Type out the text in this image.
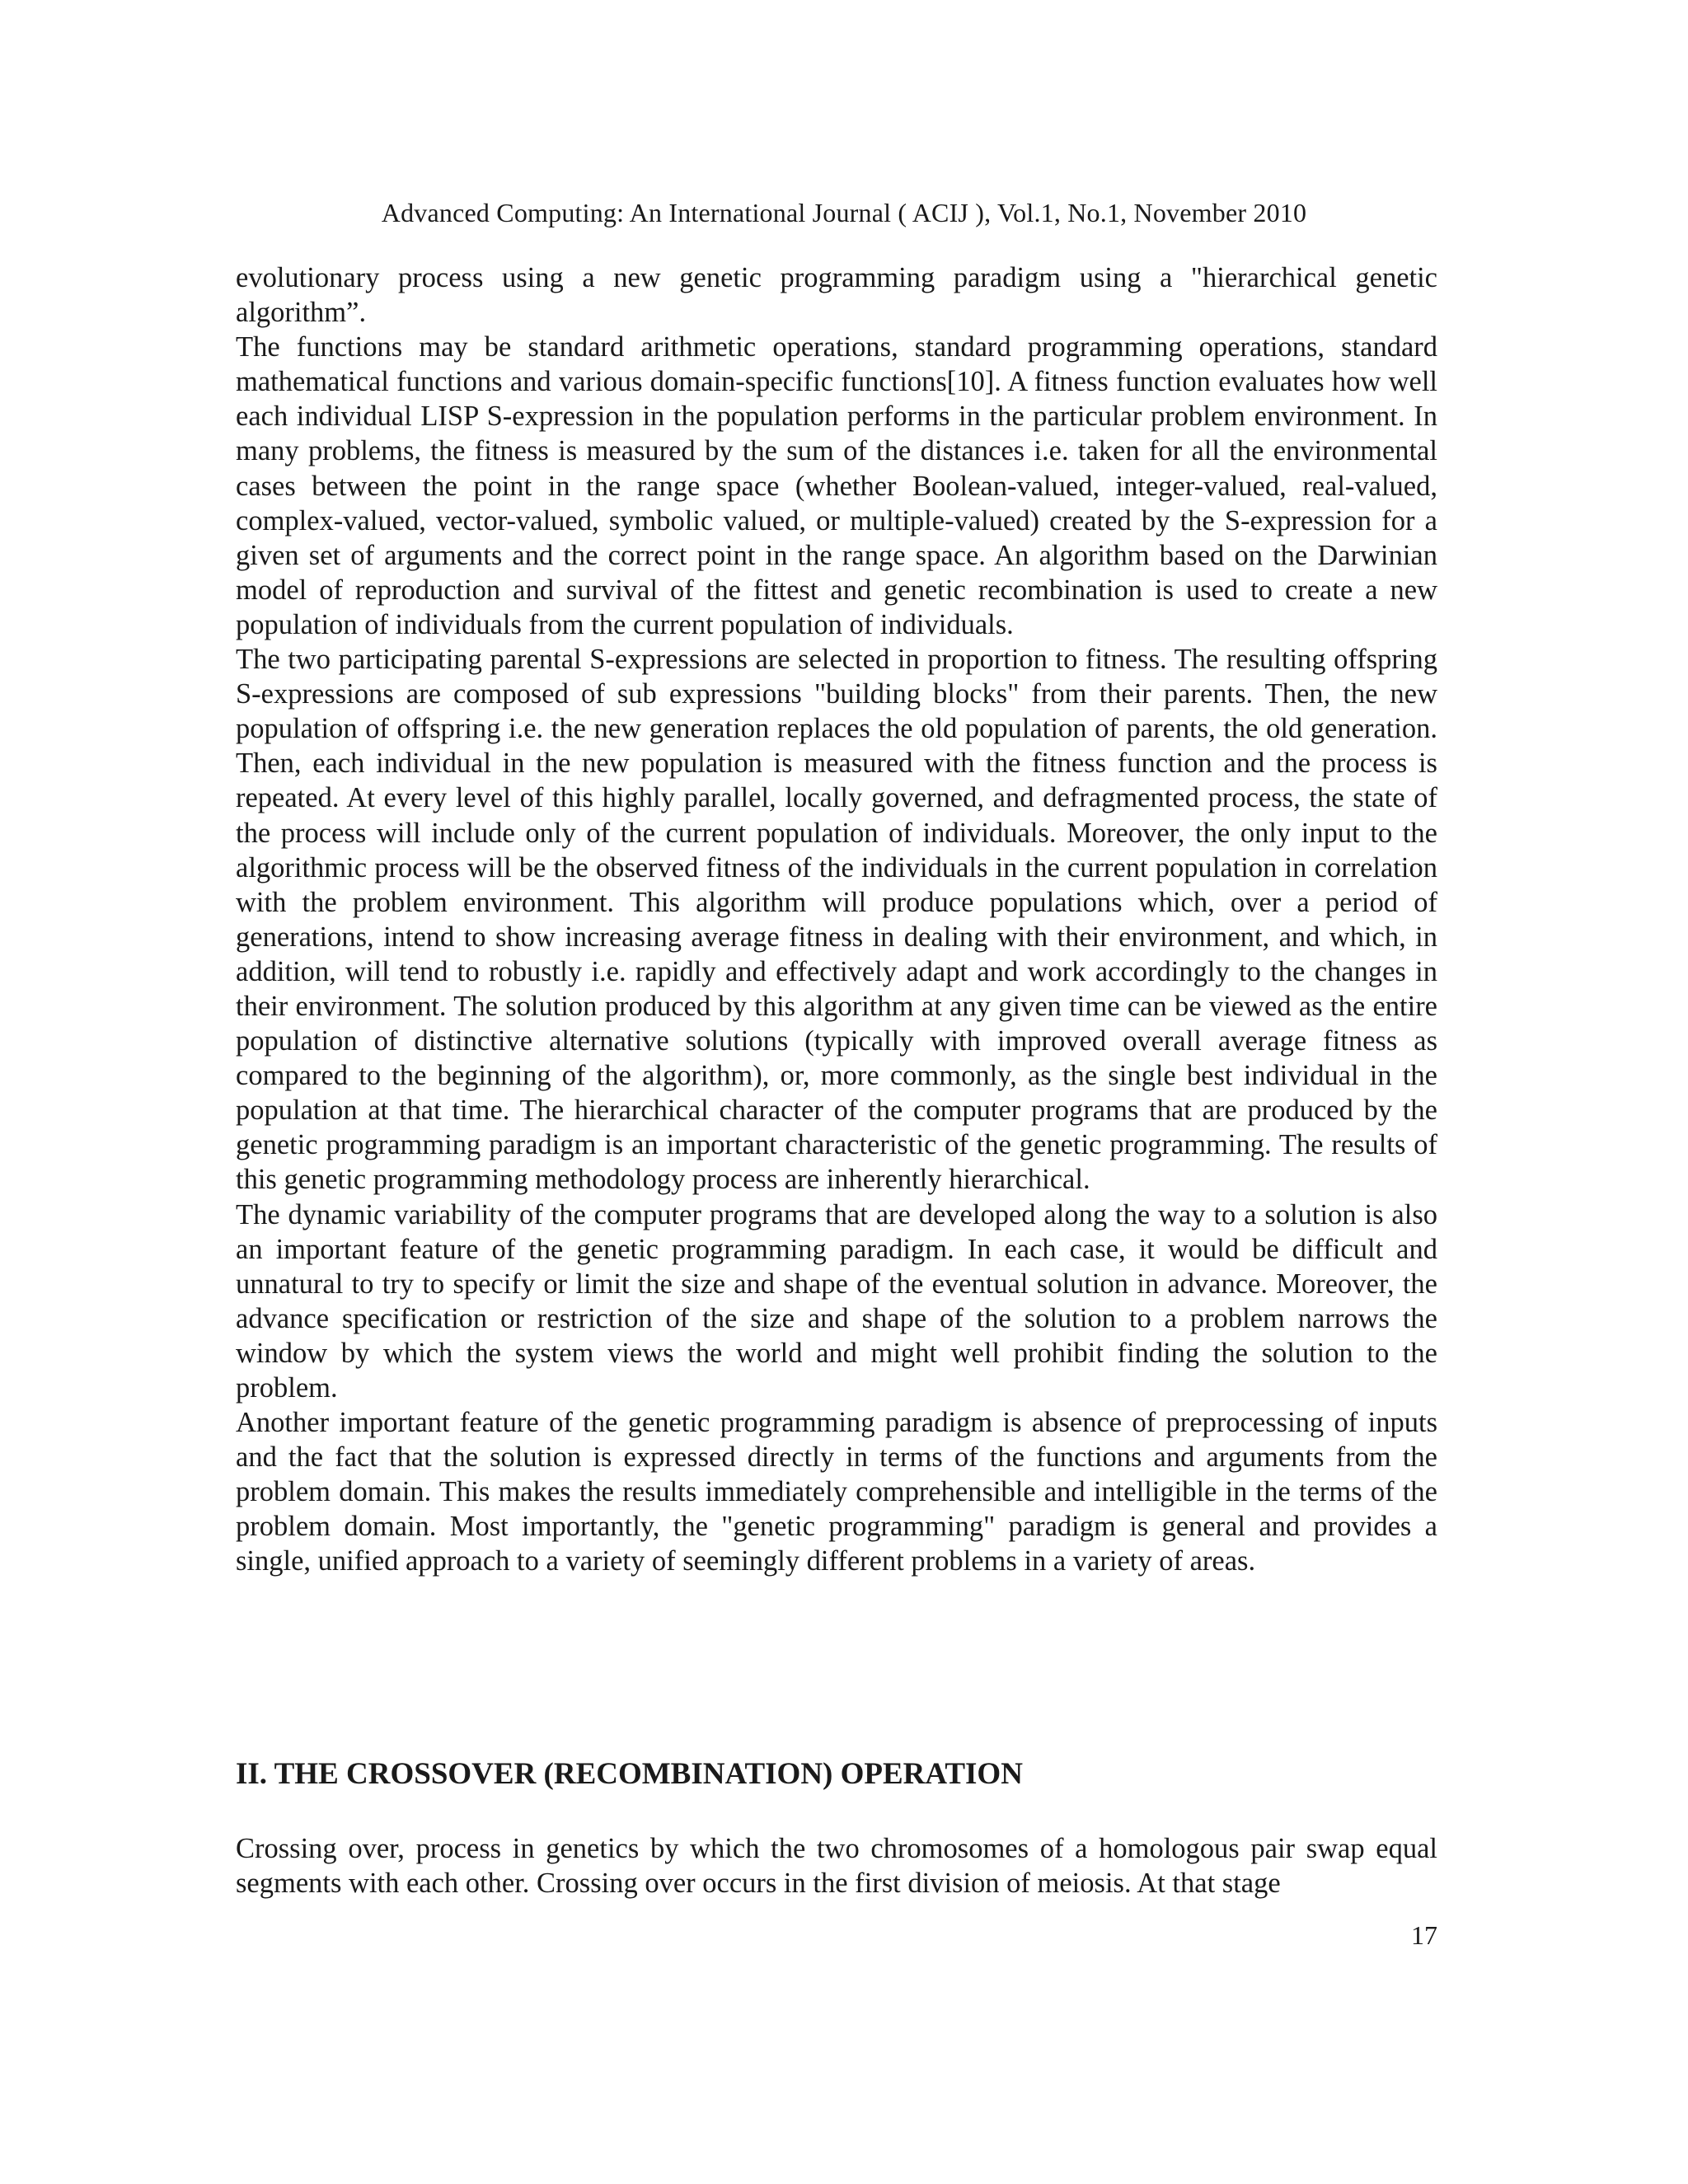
Advanced Computing: An International Journal ( ACIJ ), Vol.1, No.1, November 2010

evolutionary process using a new genetic programming paradigm using a "hierarchical genetic algorithm”.

The functions may be standard arithmetic operations, standard programming operations, standard mathematical functions and various domain-specific functions[10]. A fitness function evaluates how well each individual LISP S-expression in the population performs in the particular problem environment. In many problems, the fitness is measured by the sum of the distances i.e. taken for all the environmental cases between the point in the range space (whether Boolean-valued, integer-valued, real-valued, complex-valued, vector-valued, symbolic valued, or multiple-valued) created by the S-expression for a given set of arguments and the correct point in the range space. An algorithm based on the Darwinian model of reproduction and survival of the fittest and genetic recombination is used to create a new population of individuals from the current population of individuals.

The two participating parental S-expressions are selected in proportion to fitness. The resulting offspring S-expressions are composed of sub expressions "building blocks" from their parents. Then, the new population of offspring i.e. the new generation replaces the old population of parents, the old generation. Then, each individual in the new population is measured with the fitness function and the process is repeated. At every level of this highly parallel, locally governed, and defragmented process, the state of the process will include only of the current population of individuals. Moreover, the only input to the algorithmic process will be the observed fitness of the individuals in the current population in correlation with the problem environment. This algorithm will produce populations which, over a period of generations, intend to show increasing average fitness in dealing with their environment, and which, in addition, will tend to robustly i.e. rapidly and effectively adapt and work accordingly to the changes in their environment. The solution produced by this algorithm at any given time can be viewed as the entire population of distinctive alternative solutions (typically with improved overall average fitness as compared to the beginning of the algorithm), or, more commonly, as the single best individual in the population at that time. The hierarchical character of the computer programs that are produced by the genetic programming paradigm is an important characteristic of the genetic programming. The results of this genetic programming methodology process are inherently hierarchical.

The dynamic variability of the computer programs that are developed along the way to a solution is also an important feature of the genetic programming paradigm. In each case, it would be difficult and unnatural to try to specify or limit the size and shape of the eventual solution in advance. Moreover, the advance specification or restriction of the size and shape of the solution to a problem narrows the window by which the system views the world and might well prohibit finding the solution to the problem.

Another important feature of the genetic programming paradigm is absence of preprocessing of inputs and the fact that the solution is expressed directly in terms of the functions and arguments from the problem domain. This makes the results immediately comprehensible and intelligible in the terms of the problem domain. Most importantly, the "genetic programming" paradigm is general and provides a single, unified approach to a variety of seemingly different problems in a variety of areas.

II. THE CROSSOVER (RECOMBINATION) OPERATION

Crossing over, process in genetics by which the two chromosomes of a homologous pair swap equal segments with each other. Crossing over occurs in the first division of meiosis. At that stage

17
